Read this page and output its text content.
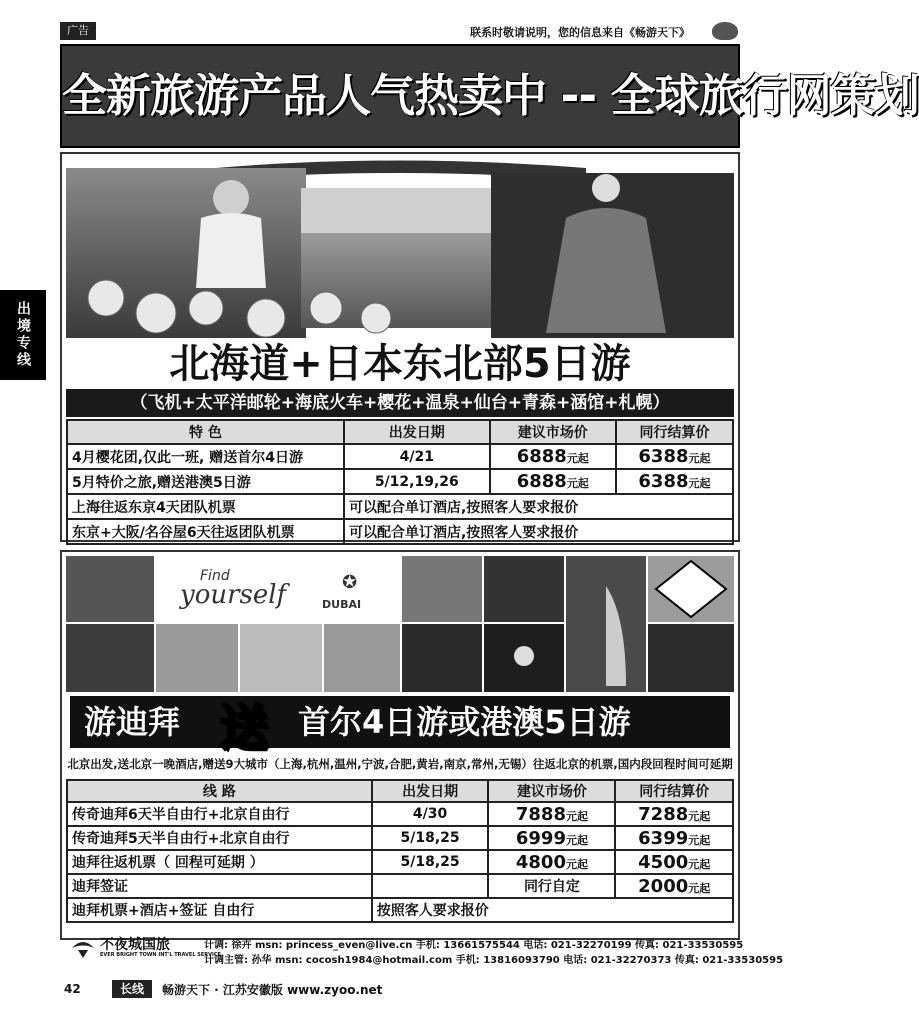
广告	联系时敬请说明，您的信息来自《畅游天下》
全新旅游产品人气热卖中 -- 全球旅行网策划
出境专线	北海道+日本东北部5日游
（飞机+太平洋邮轮+海底火车+樱花+温泉+仙台+青森+涵馆+札幌）
特 色	出发日期	建议市场价	同行结算价
4月樱花团,仅此一班, 赠送首尔4日游	4/21	6888元起	6388元起
5月特价之旅,赠送港澳5日游	5/12,19,26	6888元起	6388元起
上海往返东京4天团队机票	可以配合单订酒店,按照客人要求报价		
东京+大阪/名谷屋6天往返团队机票	可以配合单订酒店,按照客人要求报价		
Find
yourself	✪
DUBAI
游迪拜	首尔4日游或港澳5日游
送
北京出发,送北京一晚酒店,赠送9大城市（上海,杭州,温州,宁波,合肥,黄岩,南京,常州,无锡）往返北京的机票,国内段回程时间可延期
线 路	出发日期	建议市场价	同行结算价
传奇迪拜6天半自由行+北京自由行	4/30	7888元起	7288元起
传奇迪拜5天半自由行+北京自由行	5/18,25	6999元起	6399元起
迪拜往返机票（ 回程可延期 ）	5/18,25	4800元起	4500元起
迪拜签证		同行自定	2000元起
迪拜机票+酒店+签证 自由行	按照客人要求报价		
不夜城国旅
EVER BRIGHT TOWN INT'L TRAVEL SERVICE
计调: 徐卉 msn: princess_even@live.cn 手机: 13661575544 电话: 021-32270199 传真: 021-33530595
计调主管: 孙华 msn: cocosh1984@hotmail.com 手机: 13816093790 电话: 021-32270373 传真: 021-33530595
42	长线	畅游天下 · 江苏安徽版 www.zyoo.net
